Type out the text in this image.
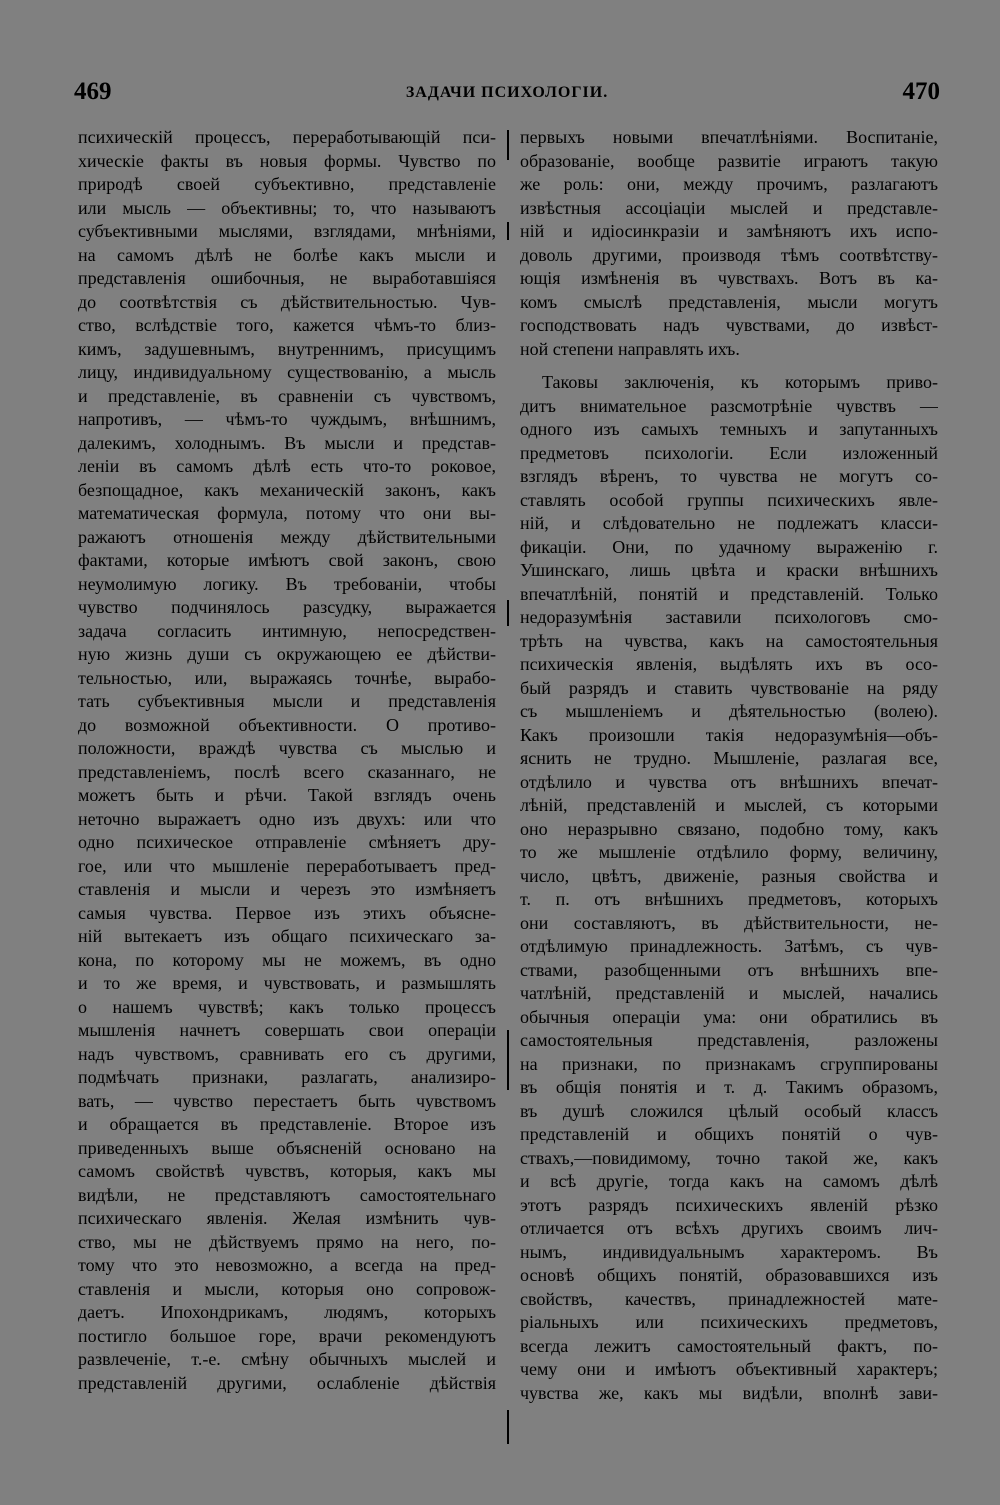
469	ЗАДАЧИ ПСИХОЛОГІИ.	470
психическій процессъ, переработывающій пси-
хическіе факты въ новыя формы. Чувство по
природѣ своей субъективно, представленіе
или мысль — объективны; то, что называютъ
субъективными мыслями, взглядами, мнѣніями,
на самомъ дѣлѣ не болѣе какъ мысли и
представленія ошибочныя, не выработавшіяся
до соотвѣтствія съ дѣйствительностью. Чув-
ство, вслѣдствіе того, кажется чѣмъ-то близ-
кимъ, задушевнымъ, внутреннимъ, присущимъ
лицу, индивидуальному существованію, а мысль
и представленіе, въ сравненіи съ чувствомъ,
напротивъ, — чѣмъ-то чуждымъ, внѣшнимъ,
далекимъ, холоднымъ. Въ мысли и представ-
леніи въ самомъ дѣлѣ есть что-то роковое,
безпощадное, какъ механическій законъ, какъ
математическая формула, потому что они вы-
ражаютъ отношенія между дѣйствительными
фактами, которые имѣютъ свой законъ, свою
неумолимую логику. Въ требованіи, чтобы
чувство подчинялось разсудку, выражается
задача согласить интимную, непосредствен-
ную жизнь души съ окружающею ее дѣйстви-
тельностью, или, выражаясь точнѣе, вырабо-
тать субъективныя мысли и представленія
до возможной объективности. О противо-
положности, враждѣ чувства съ мыслью и
представленіемъ, послѣ всего сказаннаго, не
можетъ быть и рѣчи. Такой взглядъ очень
неточно выражаетъ одно изъ двухъ: или что
одно психическое отправленіе смѣняетъ дру-
гое, или что мышленіе переработываетъ пред-
ставленія и мысли и черезъ это измѣняетъ
самыя чувства. Первое изъ этихъ объясне-
ній вытекаетъ изъ общаго психическаго за-
кона, по которому мы не можемъ, въ одно
и то же время, и чувствовать, и размышлять
о нашемъ чувствѣ; какъ только процессъ
мышленія начнетъ совершать свои операціи
надъ чувствомъ, сравнивать его съ другими,
подмѣчать признаки, разлагать, анализиро-
вать, — чувство перестаетъ быть чувствомъ
и обращается въ представленіе. Второе изъ
приведенныхъ выше объясненій основано на
самомъ свойствѣ чувствъ, которыя, какъ мы
видѣли, не представляютъ самостоятельнаго
психическаго явленія. Желая измѣнить чув-
ство, мы не дѣйствуемъ прямо на него, по-
тому что это невозможно, а всегда на пред-
ставленія и мысли, которыя оно сопровож-
даетъ. Ипохондрикамъ, людямъ, которыхъ
постигло большое горе, врачи рекомендуютъ
развлеченіе, т.-е. смѣну обычныхъ мыслей и
представленій другими, ослабленіе дѣйствія
первыхъ новыми впечатлѣніями. Воспитаніе,
образованіе, вообще развитіе играютъ такую
же роль: они, между прочимъ, разлагаютъ
извѣстныя ассоціаціи мыслей и представле-
ній и идіосинкразіи и замѣняютъ ихъ испо-
доволь другими, производя тѣмъ соотвѣтству-
ющія измѣненія въ чувствахъ. Вотъ въ ка-
комъ смыслѣ представленія, мысли могутъ
господствовать надъ чувствами, до извѣст-
ной степени направлять ихъ.
Таковы заключенія, къ которымъ приво-
дитъ внимательное разсмотрѣніе чувствъ —
одного изъ самыхъ темныхъ и запутанныхъ
предметовъ психологіи. Если изложенный
взглядъ вѣренъ, то чувства не могутъ со-
ставлять особой группы психическихъ явле-
ній, и слѣдовательно не подлежатъ класси-
фикаціи. Они, по удачному выраженію г.
Ушинскаго, лишь цвѣта и краски внѣшнихъ
впечатлѣній, понятій и представленій. Только
недоразумѣнія заставили психологовъ смо-
трѣть на чувства, какъ на самостоятельныя
психическія явленія, выдѣлять ихъ въ осо-
бый разрядъ и ставить чувствованіе на ряду
съ мышленіемъ и дѣятельностью (волею).
Какъ произошли такія недоразумѣнія—объ-
яснить не трудно. Мышленіе, разлагая все,
отдѣлило и чувства отъ внѣшнихъ впечат-
лѣній, представленій и мыслей, съ которыми
оно неразрывно связано, подобно тому, какъ
то же мышленіе отдѣлило форму, величину,
число, цвѣтъ, движеніе, разныя свойства и
т. п. отъ внѣшнихъ предметовъ, которыхъ
они составляютъ, въ дѣйствительности, не-
отдѣлимую принадлежность. Затѣмъ, съ чув-
ствами, разобщенными отъ внѣшнихъ впе-
чатлѣній, представленій и мыслей, начались
обычныя операціи ума: они обратились въ
самостоятельныя представленія, разложены
на признаки, по признакамъ сгруппированы
въ общія понятія и т. д. Такимъ образомъ,
въ душѣ сложился цѣлый особый классъ
представленій и общихъ понятій о чув-
ствахъ,—повидимому, точно такой же, какъ
и всѣ другіе, тогда какъ на самомъ дѣлѣ
этотъ разрядъ психическихъ явленій рѣзко
отличается отъ всѣхъ другихъ своимъ лич-
нымъ, индивидуальнымъ характеромъ. Въ
основѣ общихъ понятій, образовавшихся изъ
свойствъ, качествъ, принадлежностей мате-
ріальныхъ или психическихъ предметовъ,
всегда лежитъ самостоятельный фактъ, по-
чему они и имѣютъ объективный характеръ;
чувства же, какъ мы видѣли, вполнѣ зави-
